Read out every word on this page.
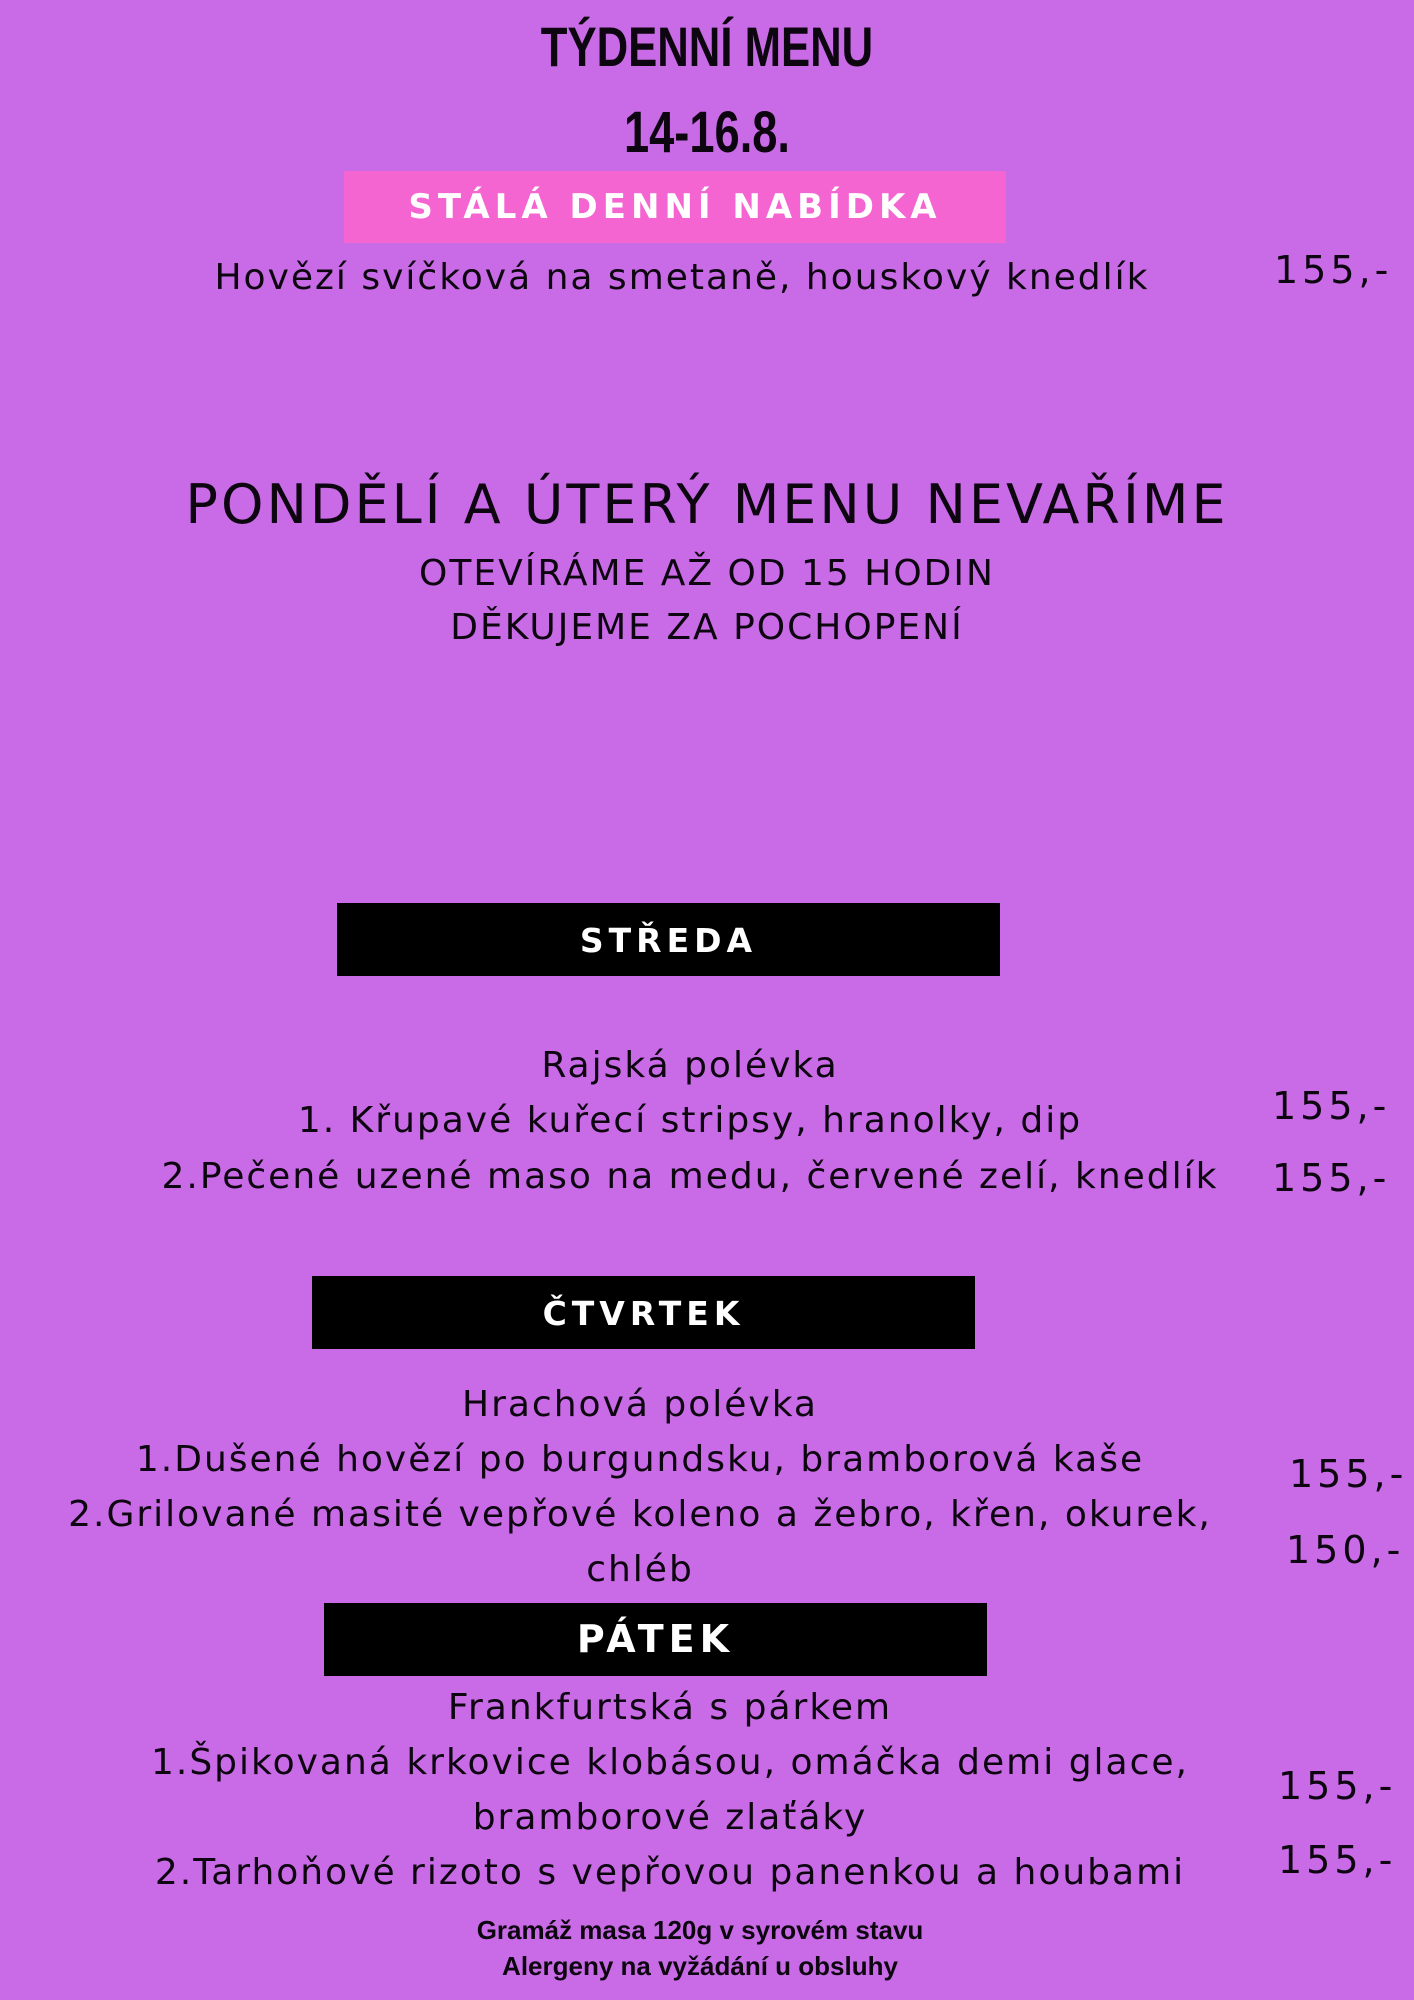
TÝDENNÍ MENU
14-16.8.
STÁLÁ DENNÍ NABÍDKA
Hovězí svíčková na smetaně, houskový knedlík	155,-
PONDĚLÍ A ÚTERÝ MENU NEVAŘÍME
OTEVÍRÁME AŽ OD 15 HODIN
DĚKUJEME ZA POCHOPENÍ
STŘEDA
Rajská polévka
1. Křupavé kuřecí stripsy, hranolky, dip	155,-
2.Pečené uzené maso na medu, červené zelí, knedlík	155,-
ČTVRTEK
Hrachová polévka
1.Dušené hovězí po burgundsku, bramborová kaše	155,-
2.Grilované masité vepřové koleno a žebro, křen, okurek,
chléb	150,-
PÁTEK
Frankfurtská s párkem
1.Špikovaná krkovice klobásou, omáčka demi glace,
bramborové zlaťáky
155,-
2.Tarhoňové rizoto s vepřovou panenkou a houbami	155,-
Gramáž masa 120g v syrovém stavu
Alergeny na vyžádání u obsluhy
